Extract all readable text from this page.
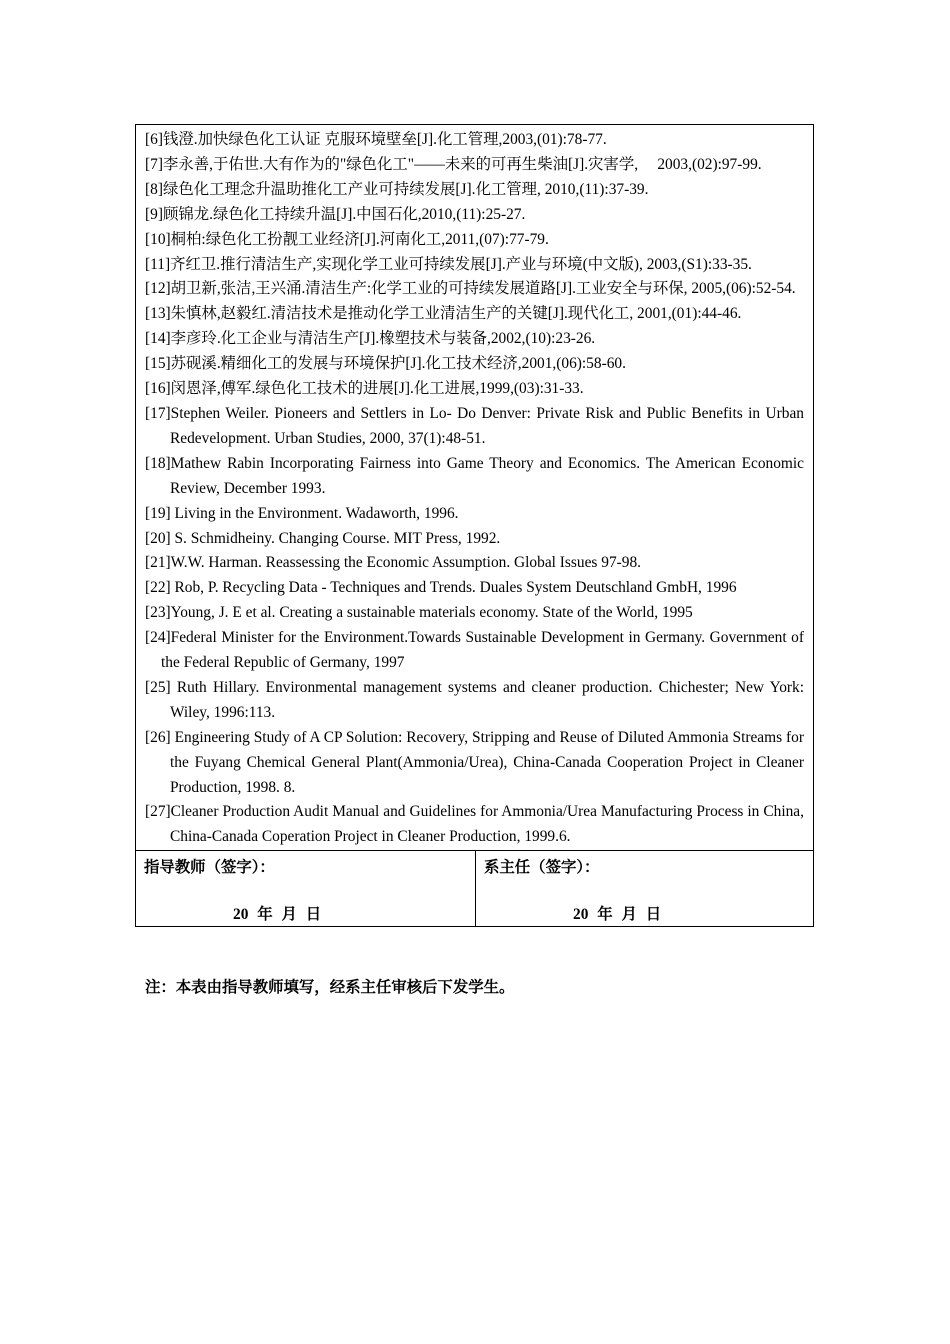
[6]钱澄.加快绿色化工认证 克服环境壁垒[J].化工管理,2003,(01):78-77.
[7]李永善,于佑世.大有作为的"绿色化工"——未来的可再生柴油[J].灾害学,　 2003,(02):97-99.
[8]绿色化工理念升温助推化工产业可持续发展[J].化工管理, 2010,(11):37-39.
[9]顾锦龙.绿色化工持续升温[J].中国石化,2010,(11):25-27.
[10]桐柏:绿色化工扮靓工业经济[J].河南化工,2011,(07):77-79.
[11]齐红卫.推行清洁生产,实现化学工业可持续发展[J].产业与环境(中文版), 2003,(S1):33-35.
[12]胡卫新,张洁,王兴涌.清洁生产:化学工业的可持续发展道路[J].工业安全与环保, 2005,(06):52-54.
[13]朱慎林,赵毅红.清洁技术是推动化学工业清洁生产的关键[J].现代化工, 2001,(01):44-46.
[14]李彦玲.化工企业与清洁生产[J].橡塑技术与装备,2002,(10):23-26.
[15]苏砚溪.精细化工的发展与环境保护[J].化工技术经济,2001,(06):58-60.
[16]闵恩泽,傅军.绿色化工技术的进展[J].化工进展,1999,(03):31-33.
[17]Stephen Weiler. Pioneers and Settlers in Lo- Do Denver: Private Risk and Public Benefits in Urban Redevelopment. Urban Studies, 2000, 37(1):48-51.
[18]Mathew Rabin Incorporating Fairness into Game Theory and Economics. The American Economic Review, December 1993.
[19] Living in the Environment. Wadaworth, 1996.
[20] S. Schmidheiny. Changing Course. MIT Press, 1992.
[21]W.W. Harman. Reassessing the Economic Assumption. Global Issues 97-98.
[22] Rob, P. Recycling Data - Techniques and Trends. Duales System Deutschland GmbH, 1996
[23]Young, J. E et al. Creating a sustainable materials economy. State of the World, 1995
[24]Federal Minister for the Environment.Towards Sustainable Development in Germany. Government of the Federal Republic of Germany, 1997
[25] Ruth Hillary. Environmental management systems and cleaner production. Chichester; New York: Wiley, 1996:113.
[26] Engineering Study of A CP Solution: Recovery, Stripping and Reuse of Diluted Ammonia Streams for the Fuyang Chemical General Plant(Ammonia/Urea), China-Canada Cooperation Project in Cleaner Production, 1998. 8.
[27]Cleaner Production Audit Manual and Guidelines for Ammonia/Urea Manufacturing Process in China, China-Canada Coperation Project in Cleaner Production, 1999.6.
指导教师（签字）：
20 年 月 日
系主任（签字）：
20 年 月 日
注：本表由指导教师填写，经系主任审核后下发学生。
